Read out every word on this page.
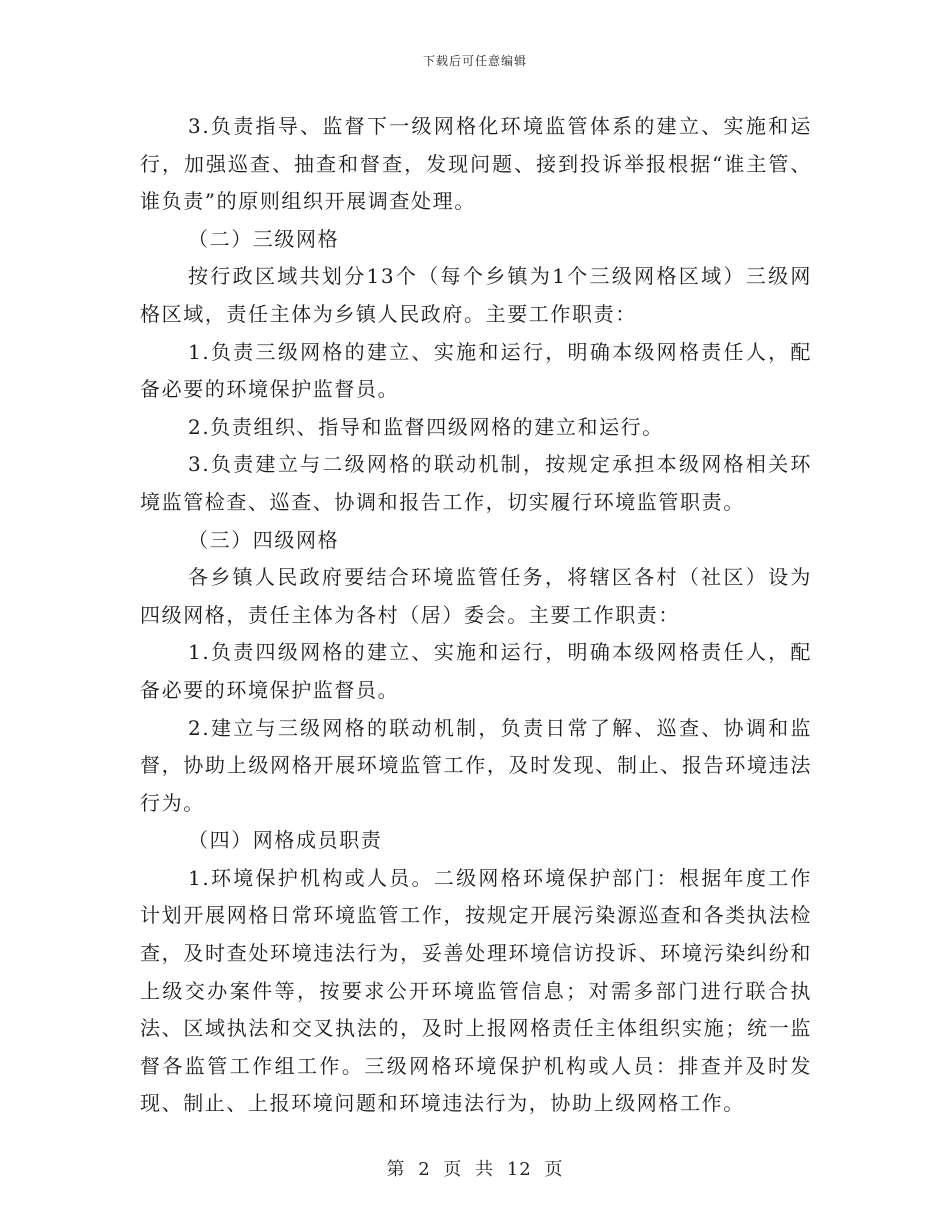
下载后可任意编辑

3.负责指导、监督下一级网格化环境监管体系的建立、实施和运行，加强巡查、抽查和督查，发现问题、接到投诉举报根据“谁主管、谁负责”的原则组织开展调查处理。

（二）三级网格

按行政区域共划分13个（每个乡镇为1个三级网格区域）三级网格区域，责任主体为乡镇人民政府。主要工作职责：

1.负责三级网格的建立、实施和运行，明确本级网格责任人，配备必要的环境保护监督员。

2.负责组织、指导和监督四级网格的建立和运行。

3.负责建立与二级网格的联动机制，按规定承担本级网格相关环境监管检查、巡查、协调和报告工作，切实履行环境监管职责。

（三）四级网格

各乡镇人民政府要结合环境监管任务，将辖区各村（社区）设为四级网格，责任主体为各村（居）委会。主要工作职责：

1.负责四级网格的建立、实施和运行，明确本级网格责任人，配备必要的环境保护监督员。

2.建立与三级网格的联动机制，负责日常了解、巡查、协调和监督，协助上级网格开展环境监管工作，及时发现、制止、报告环境违法行为。

（四）网格成员职责

1.环境保护机构或人员。二级网格环境保护部门：根据年度工作计划开展网格日常环境监管工作，按规定开展污染源巡查和各类执法检查，及时查处环境违法行为，妥善处理环境信访投诉、环境污染纠纷和上级交办案件等，按要求公开环境监管信息；对需多部门进行联合执法、区域执法和交叉执法的，及时上报网格责任主体组织实施；统一监督各监管工作组工作。三级网格环境保护机构或人员：排查并及时发现、制止、上报环境问题和环境违法行为，协助上级网格工作。

第 2 页 共 12 页
